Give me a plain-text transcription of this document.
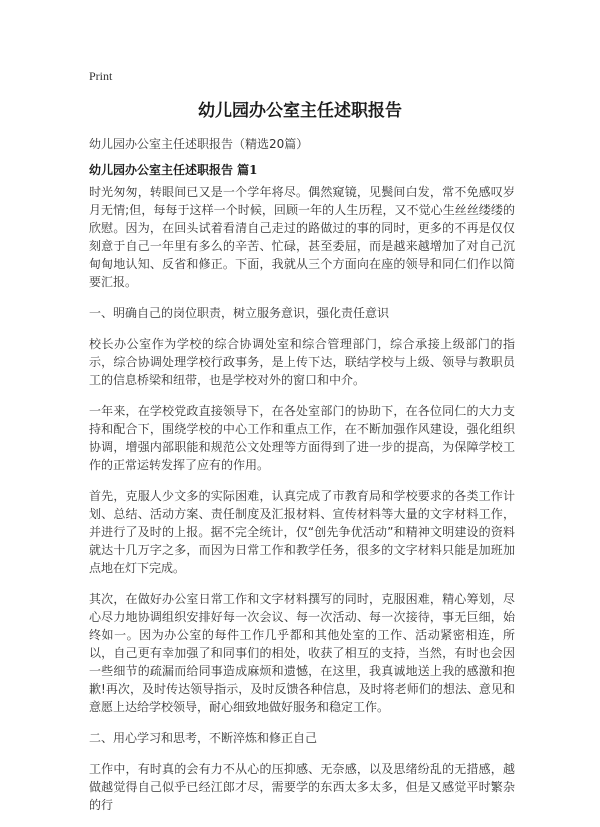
Print
幼儿园办公室主任述职报告
幼儿园办公室主任述职报告（精选20篇）
幼儿园办公室主任述职报告 篇1

时光匆匆，转眼间已又是一个学年将尽。偶然窥镜，见鬓间白发，常不免感叹岁月无情;但，每每于这样一个时候，回顾一年的人生历程，又不觉心生丝丝缕缕的欣慰。因为，在回头试着看清自己走过的路做过的事的同时，更多的不再是仅仅刻意于自己一年里有多么的辛苦、忙碌，甚至委屈，而是越来越增加了对自己沉甸甸地认知、反省和修正。下面，我就从三个方面向在座的领导和同仁们作以简要汇报。

一、明确自己的岗位职责，树立服务意识，强化责任意识

校长办公室作为学校的综合协调处室和综合管理部门，综合承接上级部门的指示，综合协调处理学校行政事务，是上传下达，联结学校与上级、领导与教职员工的信息桥梁和纽带，也是学校对外的窗口和中介。

一年来，在学校党政直接领导下，在各处室部门的协助下，在各位同仁的大力支持和配合下，围绕学校的中心工作和重点工作，在不断加强作风建设，强化组织协调，增强内部职能和规范公文处理等方面得到了进一步的提高，为保障学校工作的正常运转发挥了应有的作用。

首先，克服人少文多的实际困难，认真完成了市教育局和学校要求的各类工作计划、总结、活动方案、责任制度及汇报材料、宣传材料等大量的文字材料工作，并进行了及时的上报。据不完全统计，仅“创先争优活动”和精神文明建设的资料就达十几万字之多，而因为日常工作和教学任务，很多的文字材料只能是加班加点地在灯下完成。

其次，在做好办公室日常工作和文字材料撰写的同时，克服困难，精心筹划，尽心尽力地协调组织安排好每一次会议、每一次活动、每一次接待，事无巨细，始终如一。因为办公室的每件工作几乎都和其他处室的工作、活动紧密相连，所以，自己更有幸加强了和同事们的相处，收获了相互的支持，当然，有时也会因一些细节的疏漏而给同事造成麻烦和遗憾，在这里，我真诚地送上我的感激和抱歉!再次，及时传达领导指示，及时反馈各种信息，及时将老师们的想法、意见和意愿上达给学校领导，耐心细致地做好服务和稳定工作。

二、用心学习和思考，不断淬炼和修正自己

工作中，有时真的会有力不从心的压抑感、无奈感，以及思绪纷乱的无措感，越做越觉得自己似乎已经江郎才尽，需要学的东西太多太多，但是又感觉平时繁杂的行
